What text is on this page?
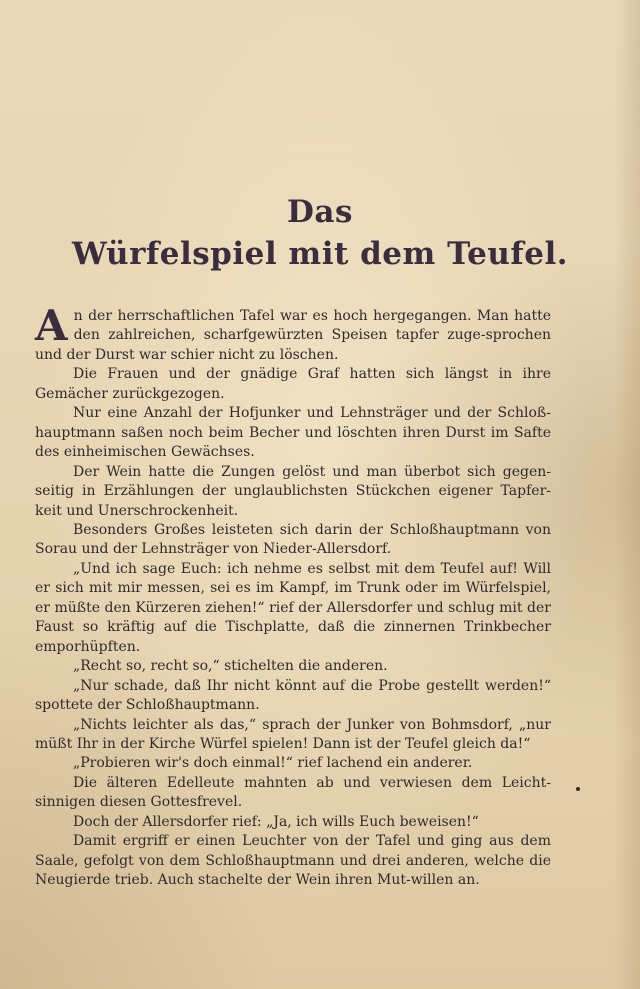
Das
Würfelspiel mit dem Teufel.

An der herrschaftlichen Tafel war es hoch hergegangen. Man hatte den zahlreichen, scharfgewürzten Speisen tapfer zuge-sprochen und der Durst war schier nicht zu löschen.

Die Frauen und der gnädige Graf hatten sich längst in ihre Gemächer zurückgezogen.

Nur eine Anzahl der Hofjunker und Lehnsträger und der Schloß-hauptmann saßen noch beim Becher und löschten ihren Durst im Safte des einheimischen Gewächses.

Der Wein hatte die Zungen gelöst und man überbot sich gegen-seitig in Erzählungen der unglaublichsten Stückchen eigener Tapfer-keit und Unerschrockenheit.

Besonders Großes leisteten sich darin der Schloßhauptmann von Sorau und der Lehnsträger von Nieder-Allersdorf.

„Und ich sage Euch: ich nehme es selbst mit dem Teufel auf! Will er sich mit mir messen, sei es im Kampf, im Trunk oder im Würfelspiel, er müßte den Kürzeren ziehen!“ rief der Allersdorfer und schlug mit der Faust so kräftig auf die Tischplatte, daß die zinnernen Trinkbecher emporhüpften.

„Recht so, recht so,“ stichelten die anderen.

„Nur schade, daß Ihr nicht könnt auf die Probe gestellt werden!“ spottete der Schloßhauptmann.

„Nichts leichter als das,“ sprach der Junker von Bohmsdorf, „nur müßt Ihr in der Kirche Würfel spielen! Dann ist der Teufel gleich da!“

„Probieren wir's doch einmal!“ rief lachend ein anderer.

Die älteren Edelleute mahnten ab und verwiesen dem Leicht-sinnigen diesen Gottesfrevel.

Doch der Allersdorfer rief: „Ja, ich wills Euch beweisen!“

Damit ergriff er einen Leuchter von der Tafel und ging aus dem Saale, gefolgt von dem Schloßhauptmann und drei anderen, welche die Neugierde trieb. Auch stachelte der Wein ihren Mut-willen an.
